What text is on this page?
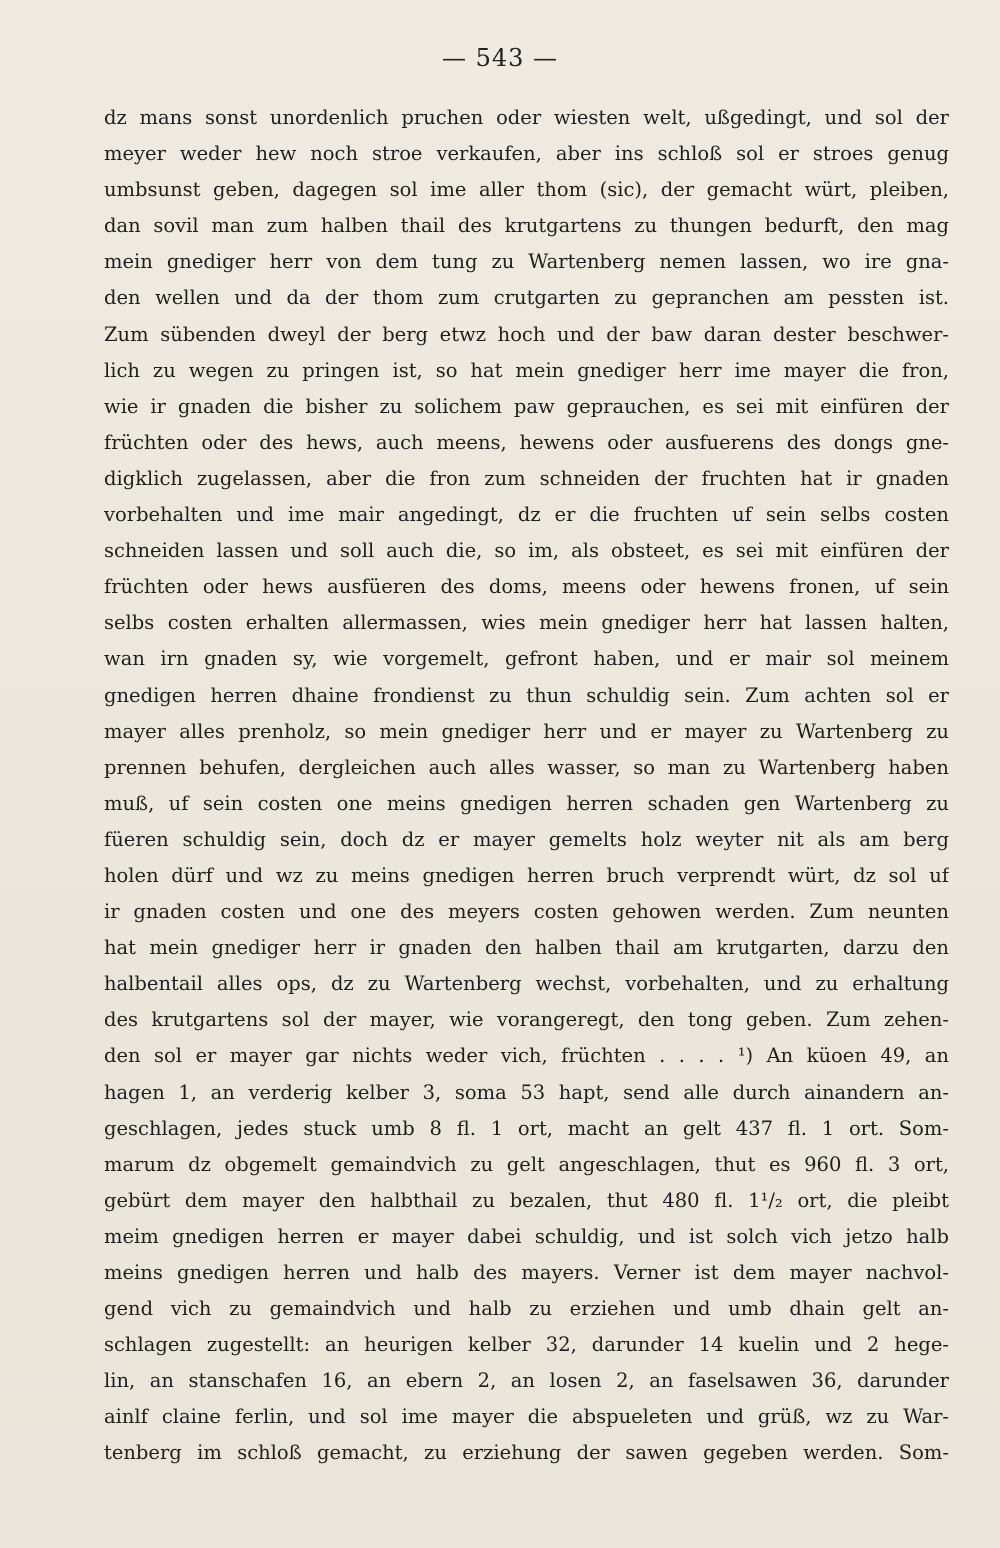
— 543 —
dz mans sonst unordenlich pruchen oder wiesten welt, ußgedingt, und sol der
meyer weder hew noch stroe verkaufen, aber ins schloß sol er stroes genug
umbsunst geben, dagegen sol ime aller thom (sic), der gemacht würt, pleiben,
dan sovil man zum halben thail des krutgartens zu thungen bedurft, den mag
mein gnediger herr von dem tung zu Wartenberg nemen lassen, wo ire gna-
den wellen und da der thom zum crutgarten zu gepranchen am pessten ist.
Zum sübenden dweyl der berg etwz hoch und der baw daran dester beschwer-
lich zu wegen zu pringen ist, so hat mein gnediger herr ime mayer die fron,
wie ir gnaden die bisher zu solichem paw geprauchen, es sei mit einfüren der
früchten oder des hews, auch meens, hewens oder ausfuerens des dongs gne-
digklich zugelassen, aber die fron zum schneiden der fruchten hat ir gnaden
vorbehalten und ime mair angedingt, dz er die fruchten uf sein selbs costen
schneiden lassen und soll auch die, so im, als obsteet, es sei mit einfüren der
früchten oder hews ausfüeren des doms, meens oder hewens fronen, uf sein
selbs costen erhalten allermassen, wies mein gnediger herr hat lassen halten,
wan irn gnaden sy, wie vorgemelt, gefront haben, und er mair sol meinem
gnedigen herren dhaine frondienst zu thun schuldig sein. Zum achten sol er
mayer alles prenholz, so mein gnediger herr und er mayer zu Wartenberg zu
prennen behufen, dergleichen auch alles wasser, so man zu Wartenberg haben
muß, uf sein costen one meins gnedigen herren schaden gen Wartenberg zu
füeren schuldig sein, doch dz er mayer gemelts holz weyter nit als am berg
holen dürf und wz zu meins gnedigen herren bruch verprendt würt, dz sol uf
ir gnaden costen und one des meyers costen gehowen werden. Zum neunten
hat mein gnediger herr ir gnaden den halben thail am krutgarten, darzu den
halbentail alles ops, dz zu Wartenberg wechst, vorbehalten, und zu erhaltung
des krutgartens sol der mayer, wie vorangeregt, den tong geben. Zum zehen-
den sol er mayer gar nichts weder vich, früchten . . . . ¹) An küoen 49, an
hagen 1, an verderig kelber 3, soma 53 hapt, send alle durch ainandern an-
geschlagen, jedes stuck umb 8 fl. 1 ort, macht an gelt 437 fl. 1 ort. Som-
marum dz obgemelt gemaindvich zu gelt angeschlagen, thut es 960 fl. 3 ort,
gebürt dem mayer den halbthail zu bezalen, thut 480 fl. 1¹/₂ ort, die pleibt
meim gnedigen herren er mayer dabei schuldig, und ist solch vich jetzo halb
meins gnedigen herren und halb des mayers. Verner ist dem mayer nachvol-
gend vich zu gemaindvich und halb zu erziehen und umb dhain gelt an-
schlagen zugestellt: an heurigen kelber 32, darunder 14 kuelin und 2 hege-
lin, an stanschafen 16, an ebern 2, an losen 2, an faselsawen 36, darunder
ainlf claine ferlin, und sol ime mayer die abspueleten und grüß, wz zu War-
tenberg im schloß gemacht, zu erziehung der sawen gegeben werden. Som-
